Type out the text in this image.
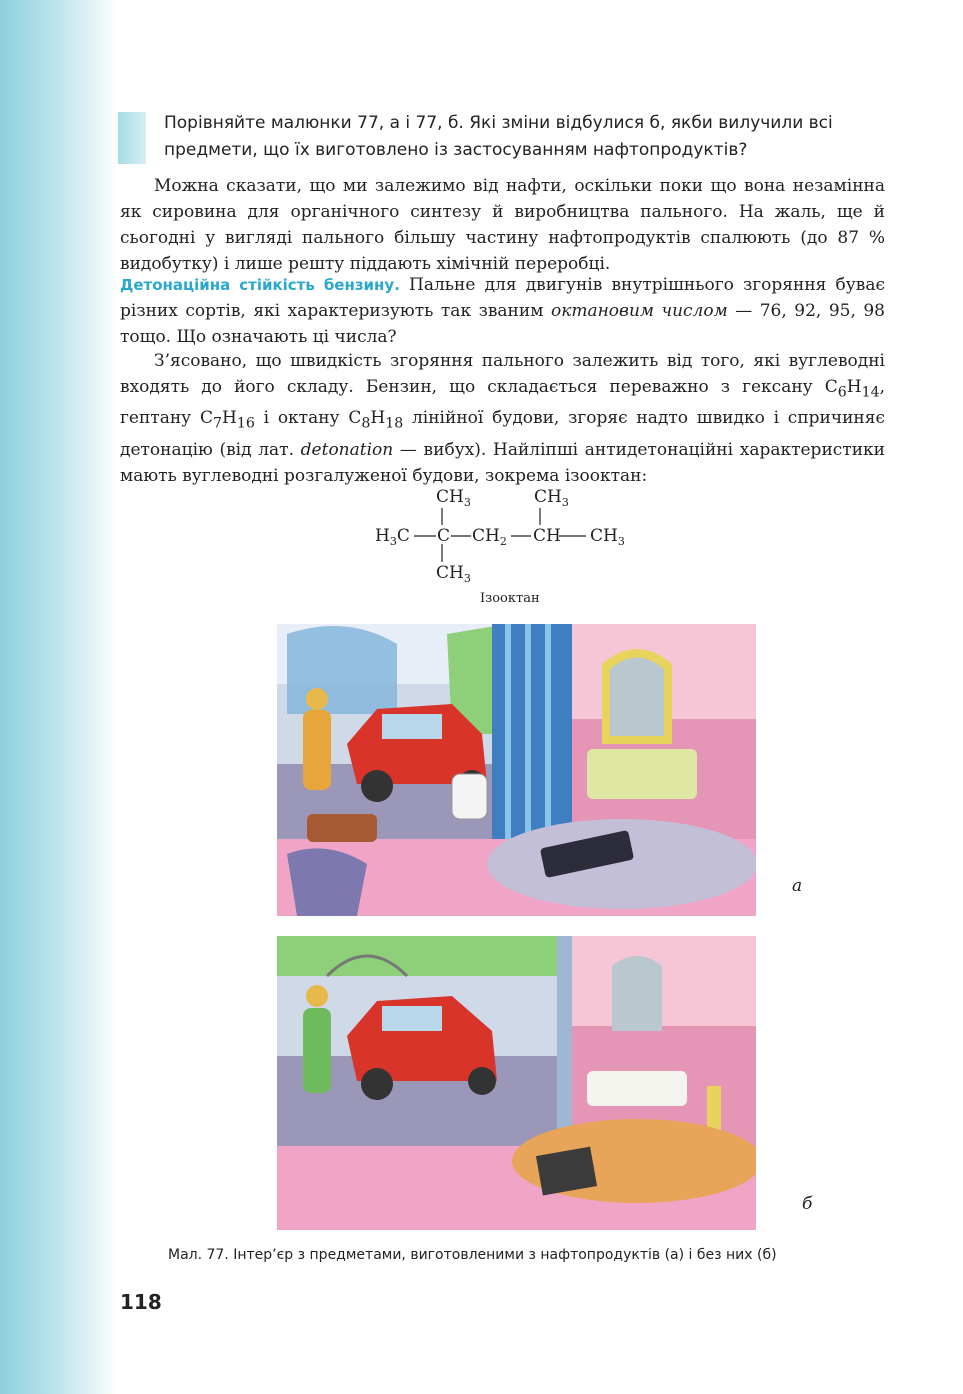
Порівняйте малюнки 77, а і 77, б. Які зміни відбулися б, якби вилучили всі предмети, що їх виготовлено із застосуванням нафтопродуктів?
Можна сказати, що ми залежимо від нафти, оскільки поки що вона незамінна як сировина для органічного синтезу й виробництва пального. На жаль, ще й сьогодні у вигляді пального більшу частину нафтопродуктів спалюють (до 87 % видобутку) і лише решту піддають хімічній переробці.
Детонаційна стійкість бензину. Пальне для двигунів внутрішнього згоряння буває різних сортів, які характеризують так званим октановим числом — 76, 92, 95, 98 тощо. Що означають ці числа?
З’ясовано, що швидкість згоряння пального залежить від того, які вуглеводні входять до його складу. Бензин, що складається переважно з гексану $C_6H_{14}$, гептану $C_7H_{16}$ і октану $C_8H_{18}$ лінійної будови, згоряє надто швидко і спричиняє детонацію (від лат. detonation — вибух). Найліпші антидетонаційні характеристики мають вуглеводні розгалуженої будови, зокрема ізооктан:
$CH_3$	$CH_3$
$H_3C$ C $CH_2$ CH $CH_3$
$CH_3$
Ізооктан
а
б
Мал. 77. Інтер’єр з предметами, виготовленими з нафтопродуктів (а) і без них (б)
118
